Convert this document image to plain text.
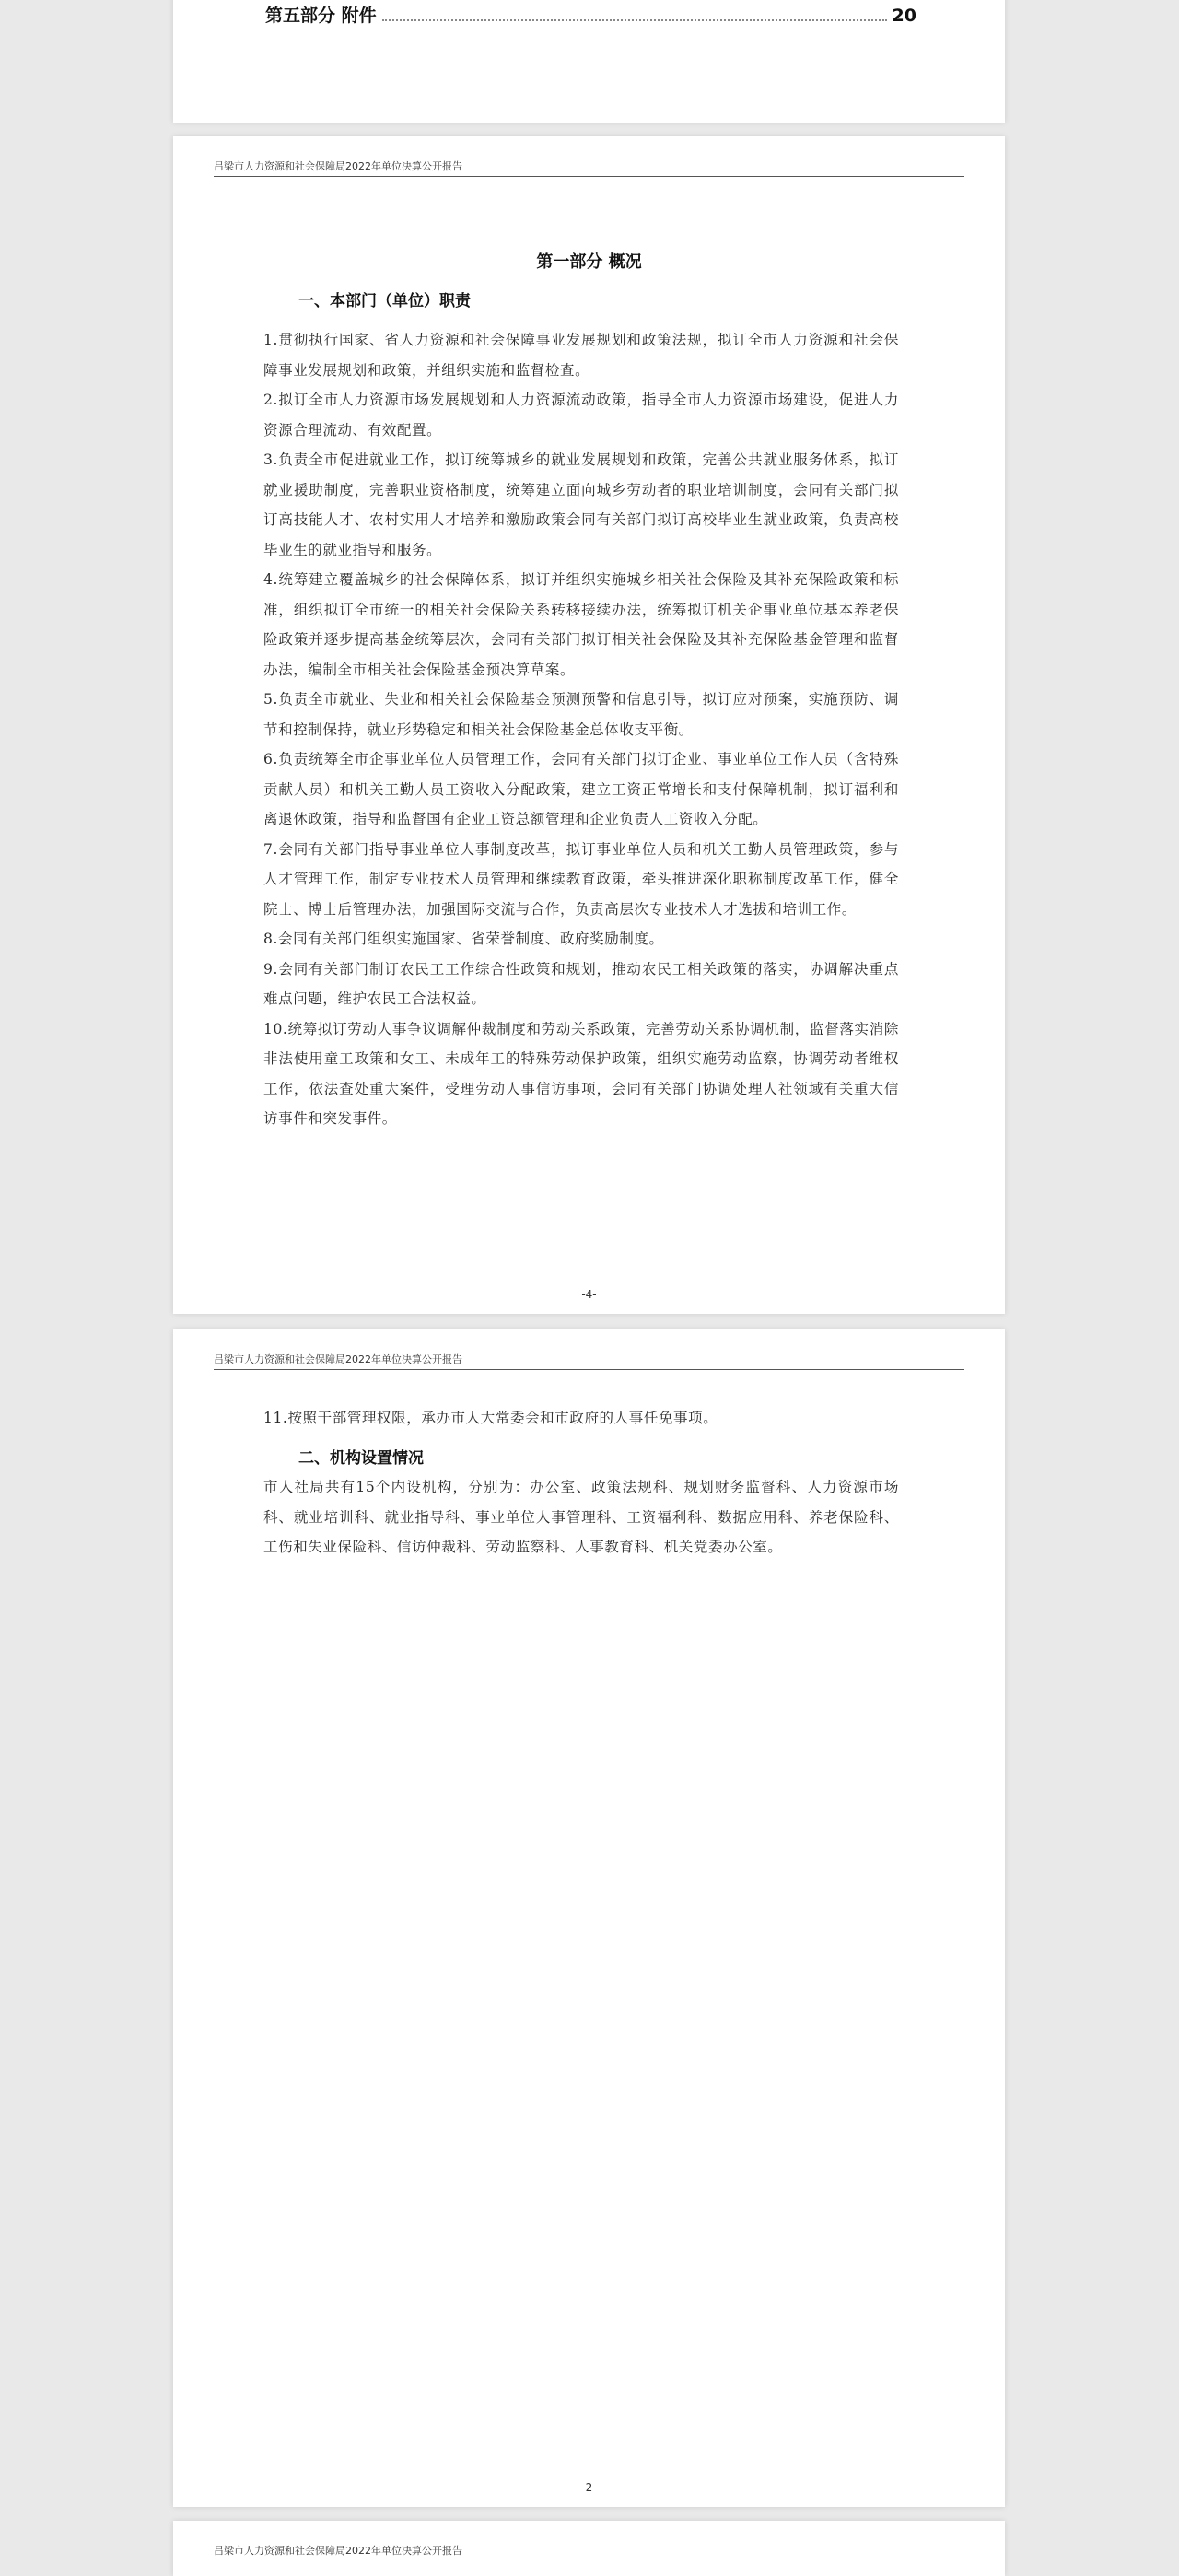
第五部分 附件	20
吕梁市人力资源和社会保障局2022年单位决算公开报告
第一部分 概况
一、本部门（单位）职责

1.贯彻执行国家、省人力资源和社会保障事业发展规划和政策法规，拟订全市人力资源和社会保障事业发展规划和政策，并组织实施和监督检查。

2.拟订全市人力资源市场发展规划和人力资源流动政策，指导全市人力资源市场建设，促进人力资源合理流动、有效配置。

3.负责全市促进就业工作，拟订统筹城乡的就业发展规划和政策，完善公共就业服务体系，拟订就业援助制度，完善职业资格制度，统筹建立面向城乡劳动者的职业培训制度，会同有关部门拟订高技能人才、农村实用人才培养和激励政策会同有关部门拟订高校毕业生就业政策，负责高校毕业生的就业指导和服务。

4.统筹建立覆盖城乡的社会保障体系，拟订并组织实施城乡相关社会保险及其补充保险政策和标准，组织拟订全市统一的相关社会保险关系转移接续办法，统筹拟订机关企事业单位基本养老保险政策并逐步提高基金统筹层次，会同有关部门拟订相关社会保险及其补充保险基金管理和监督办法，编制全市相关社会保险基金预决算草案。

5.负责全市就业、失业和相关社会保险基金预测预警和信息引导，拟订应对预案，实施预防、调节和控制保持，就业形势稳定和相关社会保险基金总体收支平衡。

6.负责统筹全市企事业单位人员管理工作，会同有关部门拟订企业、事业单位工作人员（含特殊贡献人员）和机关工勤人员工资收入分配政策，建立工资正常增长和支付保障机制，拟订福利和离退休政策，指导和监督国有企业工资总额管理和企业负责人工资收入分配。

7.会同有关部门指导事业单位人事制度改革，拟订事业单位人员和机关工勤人员管理政策，参与人才管理工作，制定专业技术人员管理和继续教育政策，牵头推进深化职称制度改革工作，健全院士、博士后管理办法，加强国际交流与合作，负责高层次专业技术人才选拔和培训工作。

8.会同有关部门组织实施国家、省荣誉制度、政府奖励制度。

9.会同有关部门制订农民工工作综合性政策和规划，推动农民工相关政策的落实，协调解决重点难点问题，维护农民工合法权益。

10.统筹拟订劳动人事争议调解仲裁制度和劳动关系政策，完善劳动关系协调机制，监督落实消除非法使用童工政策和女工、未成年工的特殊劳动保护政策，组织实施劳动监察，协调劳动者维权工作，依法查处重大案件，受理劳动人事信访事项，会同有关部门协调处理人社领域有关重大信访事件和突发事件。

-4-
吕梁市人力资源和社会保障局2022年单位决算公开报告

11.按照干部管理权限，承办市人大常委会和市政府的人事任免事项。

二、机构设置情况

市人社局共有15个内设机构，分别为：办公室、政策法规科、规划财务监督科、人力资源市场科、就业培训科、就业指导科、事业单位人事管理科、工资福利科、数据应用科、养老保险科、工伤和失业保险科、信访仲裁科、劳动监察科、人事教育科、机关党委办公室。

-2-
吕梁市人力资源和社会保障局2022年单位决算公开报告
